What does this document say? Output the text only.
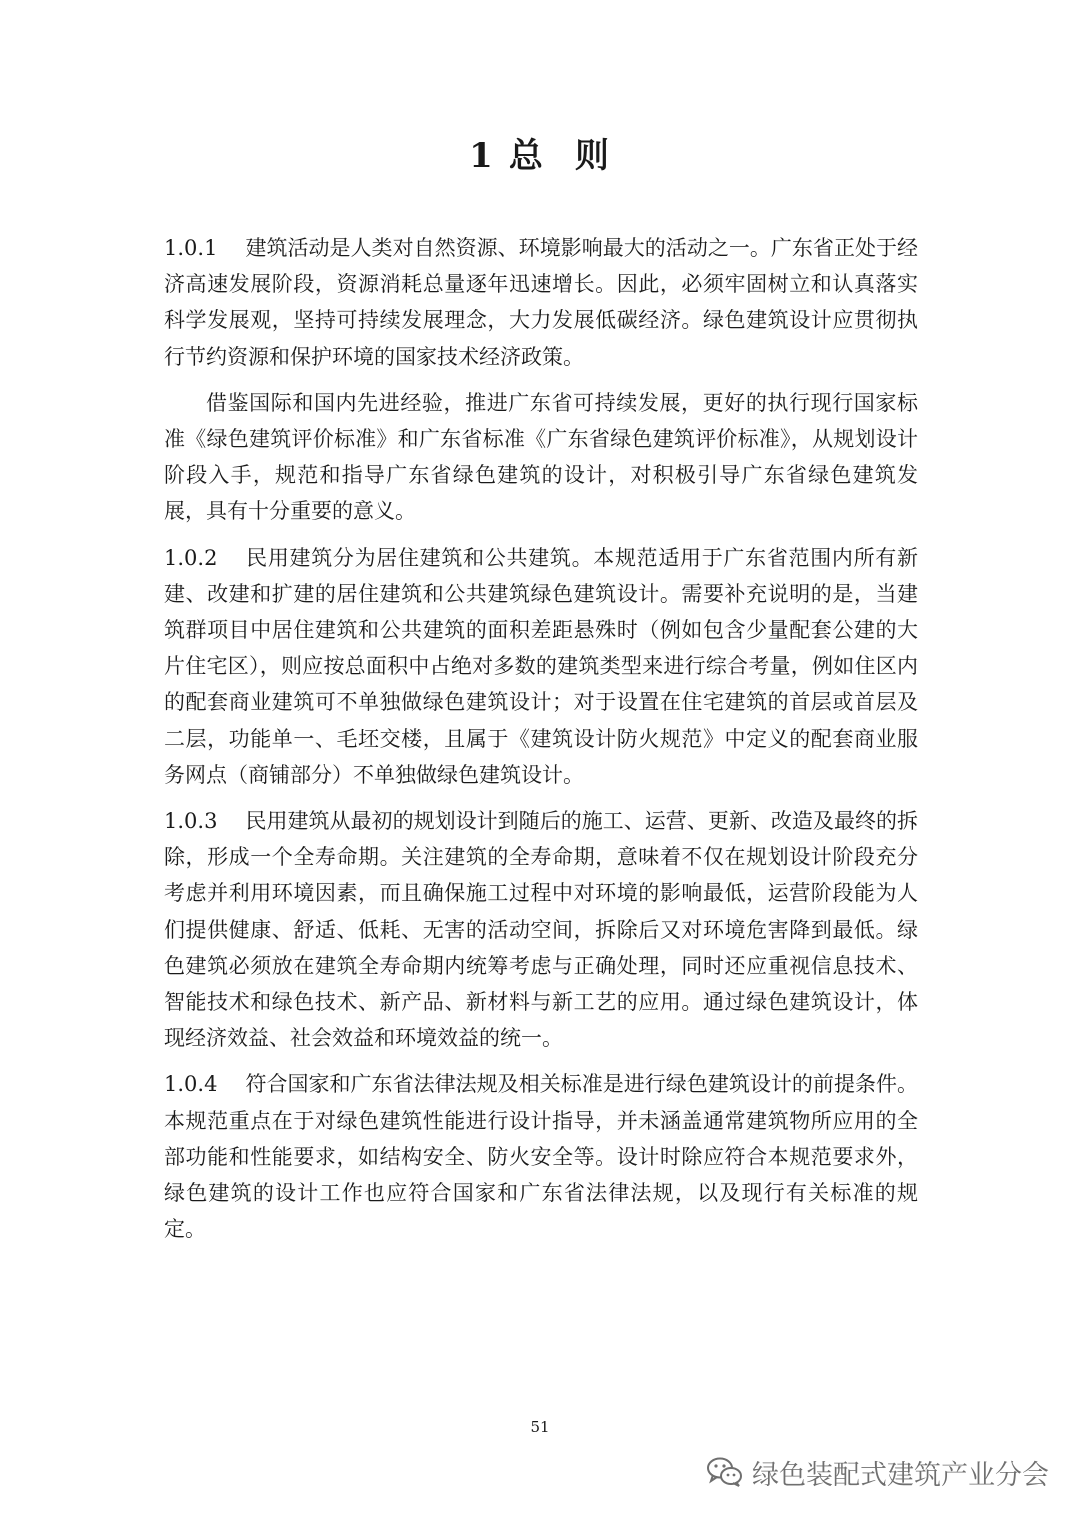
1 总 则

1.0.1 建筑活动是人类对自然资源、环境影响最大的活动之一。广东省正处于经济高速发展阶段，资源消耗总量逐年迅速增长。因此，必须牢固树立和认真落实科学发展观，坚持可持续发展理念，大力发展低碳经济。绿色建筑设计应贯彻执行节约资源和保护环境的国家技术经济政策。

借鉴国际和国内先进经验，推进广东省可持续发展，更好的执行现行国家标准《绿色建筑评价标准》和广东省标准《广东省绿色建筑评价标准》，从规划设计阶段入手，规范和指导广东省绿色建筑的设计，对积极引导广东省绿色建筑发展，具有十分重要的意义。

1.0.2 民用建筑分为居住建筑和公共建筑。本规范适用于广东省范围内所有新建、改建和扩建的居住建筑和公共建筑绿色建筑设计。需要补充说明的是，当建筑群项目中居住建筑和公共建筑的面积差距悬殊时（例如包含少量配套公建的大片住宅区），则应按总面积中占绝对多数的建筑类型来进行综合考量，例如住区内的配套商业建筑可不单独做绿色建筑设计；对于设置在住宅建筑的首层或首层及二层，功能单一、毛坯交楼，且属于《建筑设计防火规范》中定义的配套商业服务网点（商铺部分）不单独做绿色建筑设计。

1.0.3 民用建筑从最初的规划设计到随后的施工、运营、更新、改造及最终的拆除，形成一个全寿命期。关注建筑的全寿命期，意味着不仅在规划设计阶段充分考虑并利用环境因素，而且确保施工过程中对环境的影响最低，运营阶段能为人们提供健康、舒适、低耗、无害的活动空间，拆除后又对环境危害降到最低。绿色建筑必须放在建筑全寿命期内统筹考虑与正确处理，同时还应重视信息技术、智能技术和绿色技术、新产品、新材料与新工艺的应用。通过绿色建筑设计，体现经济效益、社会效益和环境效益的统一。

1.0.4 符合国家和广东省法律法规及相关标准是进行绿色建筑设计的前提条件。本规范重点在于对绿色建筑性能进行设计指导，并未涵盖通常建筑物所应用的全部功能和性能要求，如结构安全、防火安全等。设计时除应符合本规范要求外，绿色建筑的设计工作也应符合国家和广东省法律法规，以及现行有关标准的规定。

51
绿色装配式建筑产业分会
